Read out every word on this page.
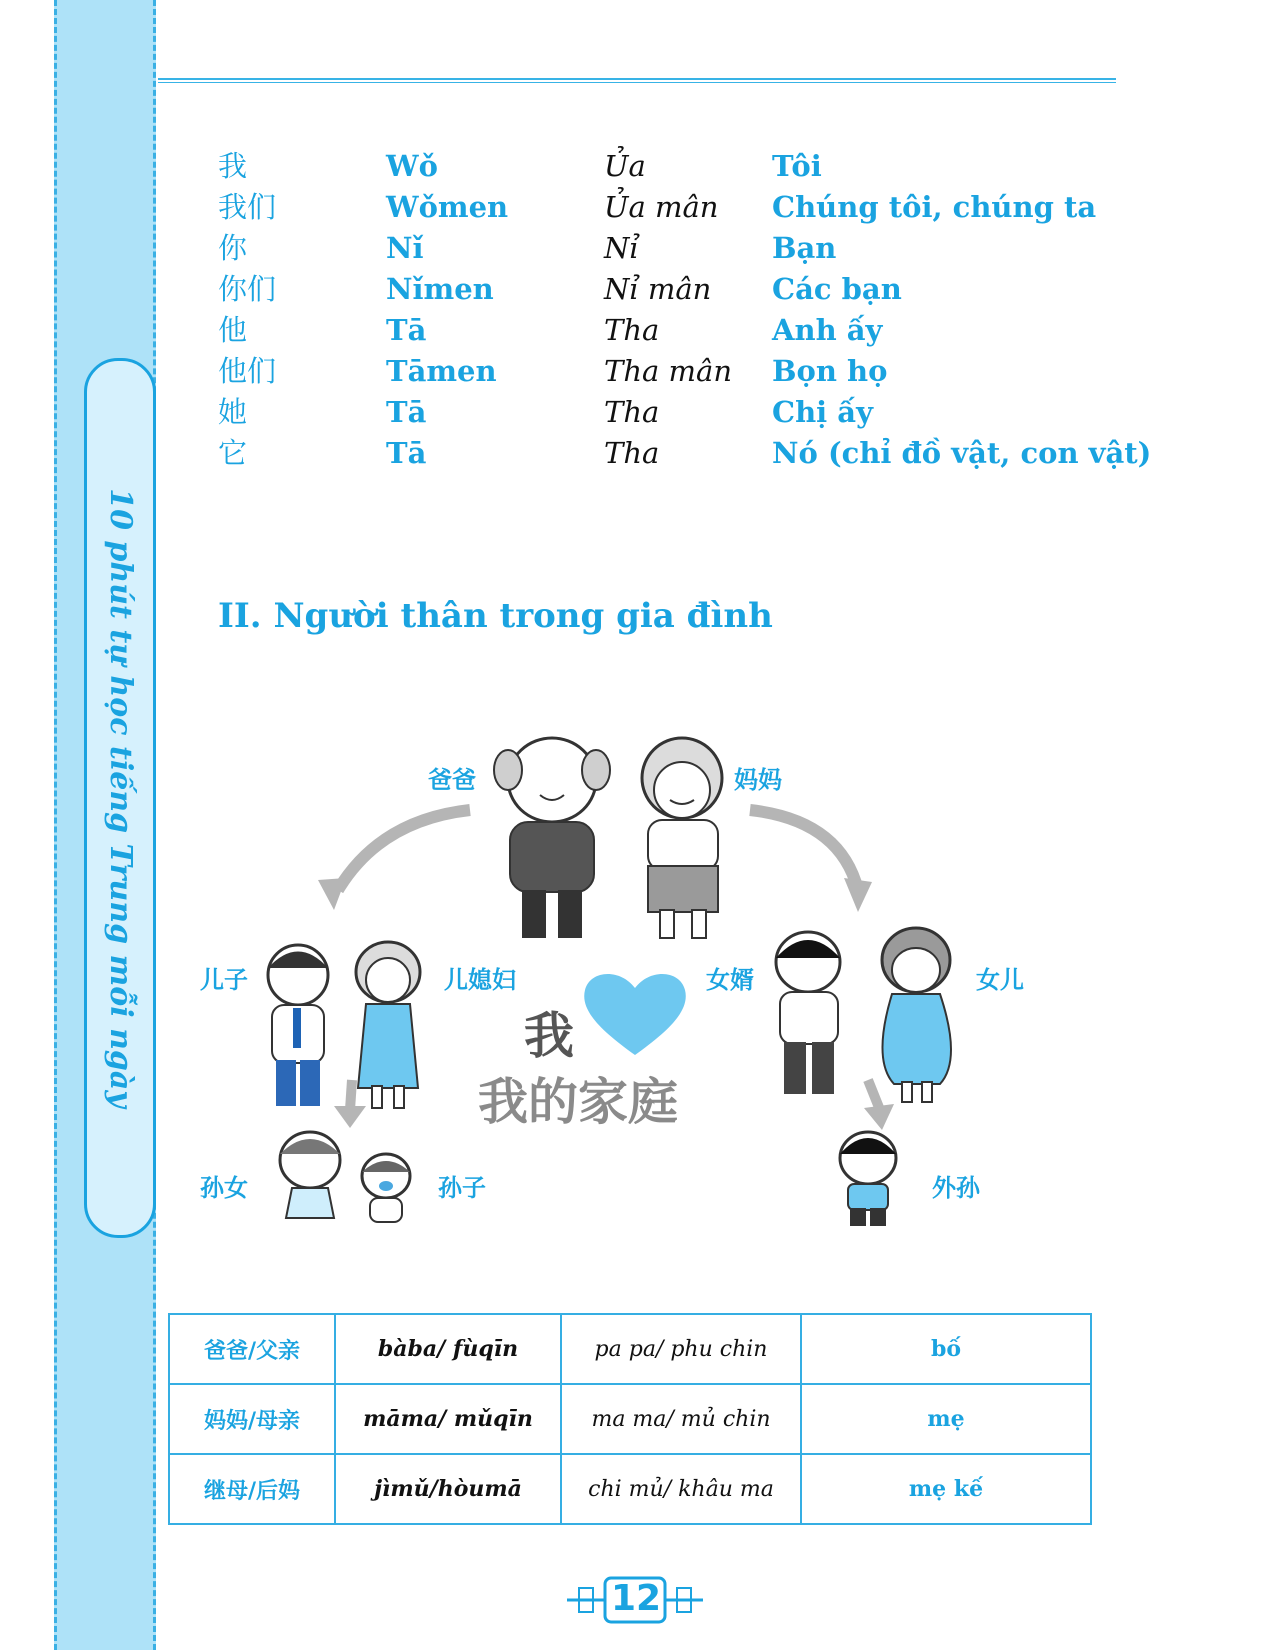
10 phút tự học tiếng Trung mỗi ngày
我	Wǒ	Ủa	Tôi
我们	Wǒmen	Ủa mân	Chúng tôi, chúng ta
你	Nǐ	Nỉ	Bạn
你们	Nǐmen	Nỉ mân	Các bạn
他	Tā	Tha	Anh ấy
他们	Tāmen	Tha mân	Bọn họ
她	Tā	Tha	Chị ấy
它	Tā	Tha	Nó (chỉ đồ vật, con vật)
II. Người thân trong gia đình
爸爸	妈妈
儿子	儿媳妇	女婿	女儿
孙女	孙子	外孙
我
我的家庭
爸爸/父亲	bàba/ fùqīn	pa pa/ phu chin	bố
妈妈/母亲	māma/ mǔqīn	ma ma/ mủ chin	mẹ
继母/后妈	jìmǔ/hòumā	chi mủ/ khâu ma	mẹ kế
12
